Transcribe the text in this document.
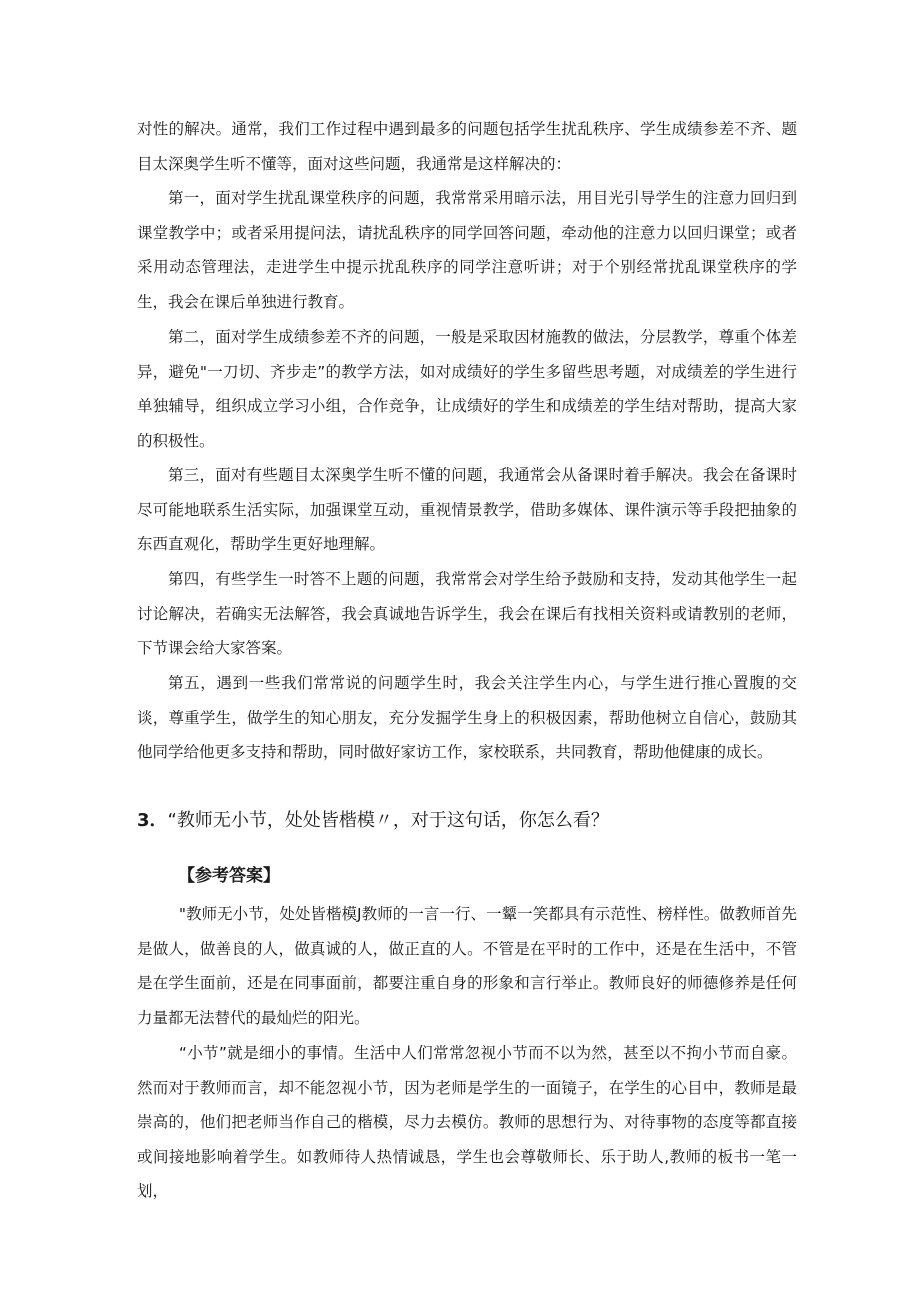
对性的解决。通常，我们工作过程中遇到最多的问题包括学生扰乱秩序、学生成绩参差不齐、题目太深奥学生听不懂等，面对这些问题，我通常是这样解决的：

第一，面对学生扰乱课堂秩序的问题，我常常采用暗示法，用目光引导学生的注意力回归到课堂教学中；或者采用提问法，请扰乱秩序的同学回答问题，牵动他的注意力以回归课堂；或者采用动态管理法，走进学生中提示扰乱秩序的同学注意听讲；对于个别经常扰乱课堂秩序的学生，我会在课后单独进行教育。

第二，面对学生成绩参差不齐的问题，一般是采取因材施教的做法，分层教学，尊重个体差异，避免"一刀切、齐步走”的教学方法，如对成绩好的学生多留些思考题，对成绩差的学生进行单独辅导，组织成立学习小组，合作竞争，让成绩好的学生和成绩差的学生结对帮助，提高大家的积极性。

第三，面对有些题目太深奥学生听不懂的问题，我通常会从备课时着手解决。我会在备课时尽可能地联系生活实际，加强课堂互动，重视情景教学，借助多媒体、课件演示等手段把抽象的东西直观化，帮助学生更好地理解。

第四，有些学生一时答不上题的问题，我常常会对学生给予鼓励和支持，发动其他学生一起讨论解决，若确实无法解答，我会真诚地告诉学生，我会在课后有找相关资料或请教别的老师，下节课会给大家答案。

第五，遇到一些我们常常说的问题学生时，我会关注学生内心，与学生进行推心置腹的交谈，尊重学生，做学生的知心朋友，充分发掘学生身上的积极因素，帮助他树立自信心，鼓励其他同学给他更多支持和帮助，同时做好家访工作，家校联系，共同教育，帮助他健康的成长。

3．“教师无小节，处处皆楷模〃，对于这句话，你怎么看？

【参考答案】

"教师无小节，处处皆楷模J教师的一言一行、一颦一笑都具有示范性、榜样性。做教师首先是做人，做善良的人，做真诚的人，做正直的人。不管是在平时的工作中，还是在生活中，不管是在学生面前，还是在同事面前，都要注重自身的形象和言行举止。教师良好的师德修养是任何力量都无法替代的最灿烂的阳光。

“小节”就是细小的事情。生活中人们常常忽视小节而不以为然，甚至以不拘小节而自豪。然而对于教师而言，却不能忽视小节，因为老师是学生的一面镜子，在学生的心目中，教师是最崇高的，他们把老师当作自己的楷模，尽力去模仿。教师的思想行为、对待事物的态度等都直接或间接地影响着学生。如教师待人热情诚恳，学生也会尊敬师长、乐于助人,教师的板书一笔一划，
